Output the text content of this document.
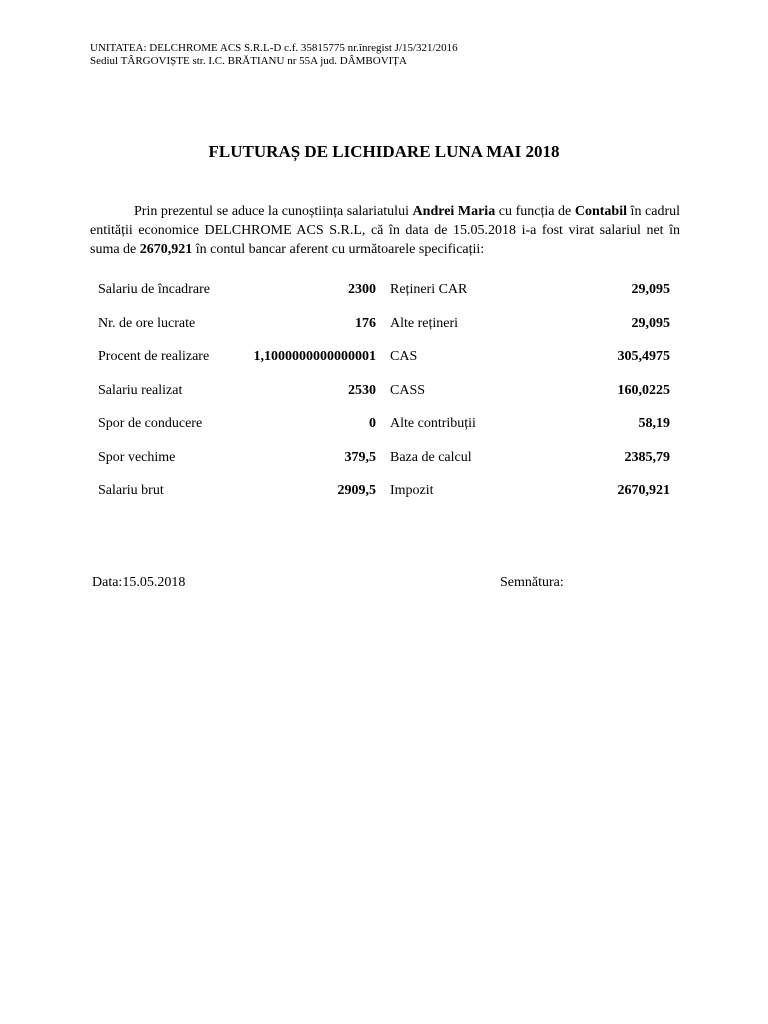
UNITATEA: DELCHROME ACS S.R.L-D c.f. 35815775 nr.înregist J/15/321/2016
Sediul TÂRGOVIȘTE str. I.C. BRĂTIANU nr 55A jud. DÂMBOVIȚA
FLUTURAȘ DE LICHIDARE LUNA MAI 2018
Prin prezentul se aduce la cunoștiința salariatului Andrei Maria cu funcția de Contabil în cadrul entității economice DELCHROME ACS S.R.L, că în data de 15.05.2018 i-a fost virat salariul net în suma de 2670,921 în contul bancar aferent cu următoarele specificații:
Salariu de încadrare	2300 Rețineri CAR	29,095
Nr. de ore lucrate	176 Alte rețineri	29,095
Procent de realizare	1,1000000000000001 CAS	305,4975
Salariu realizat	2530 CASS	160,0225
Spor de conducere	0 Alte contribuții	58,19
Spor vechime	379,5 Baza de calcul	2385,79
Salariu brut	2909,5 Impozit	2670,921
Data:15.05.2018	Semnătura:
